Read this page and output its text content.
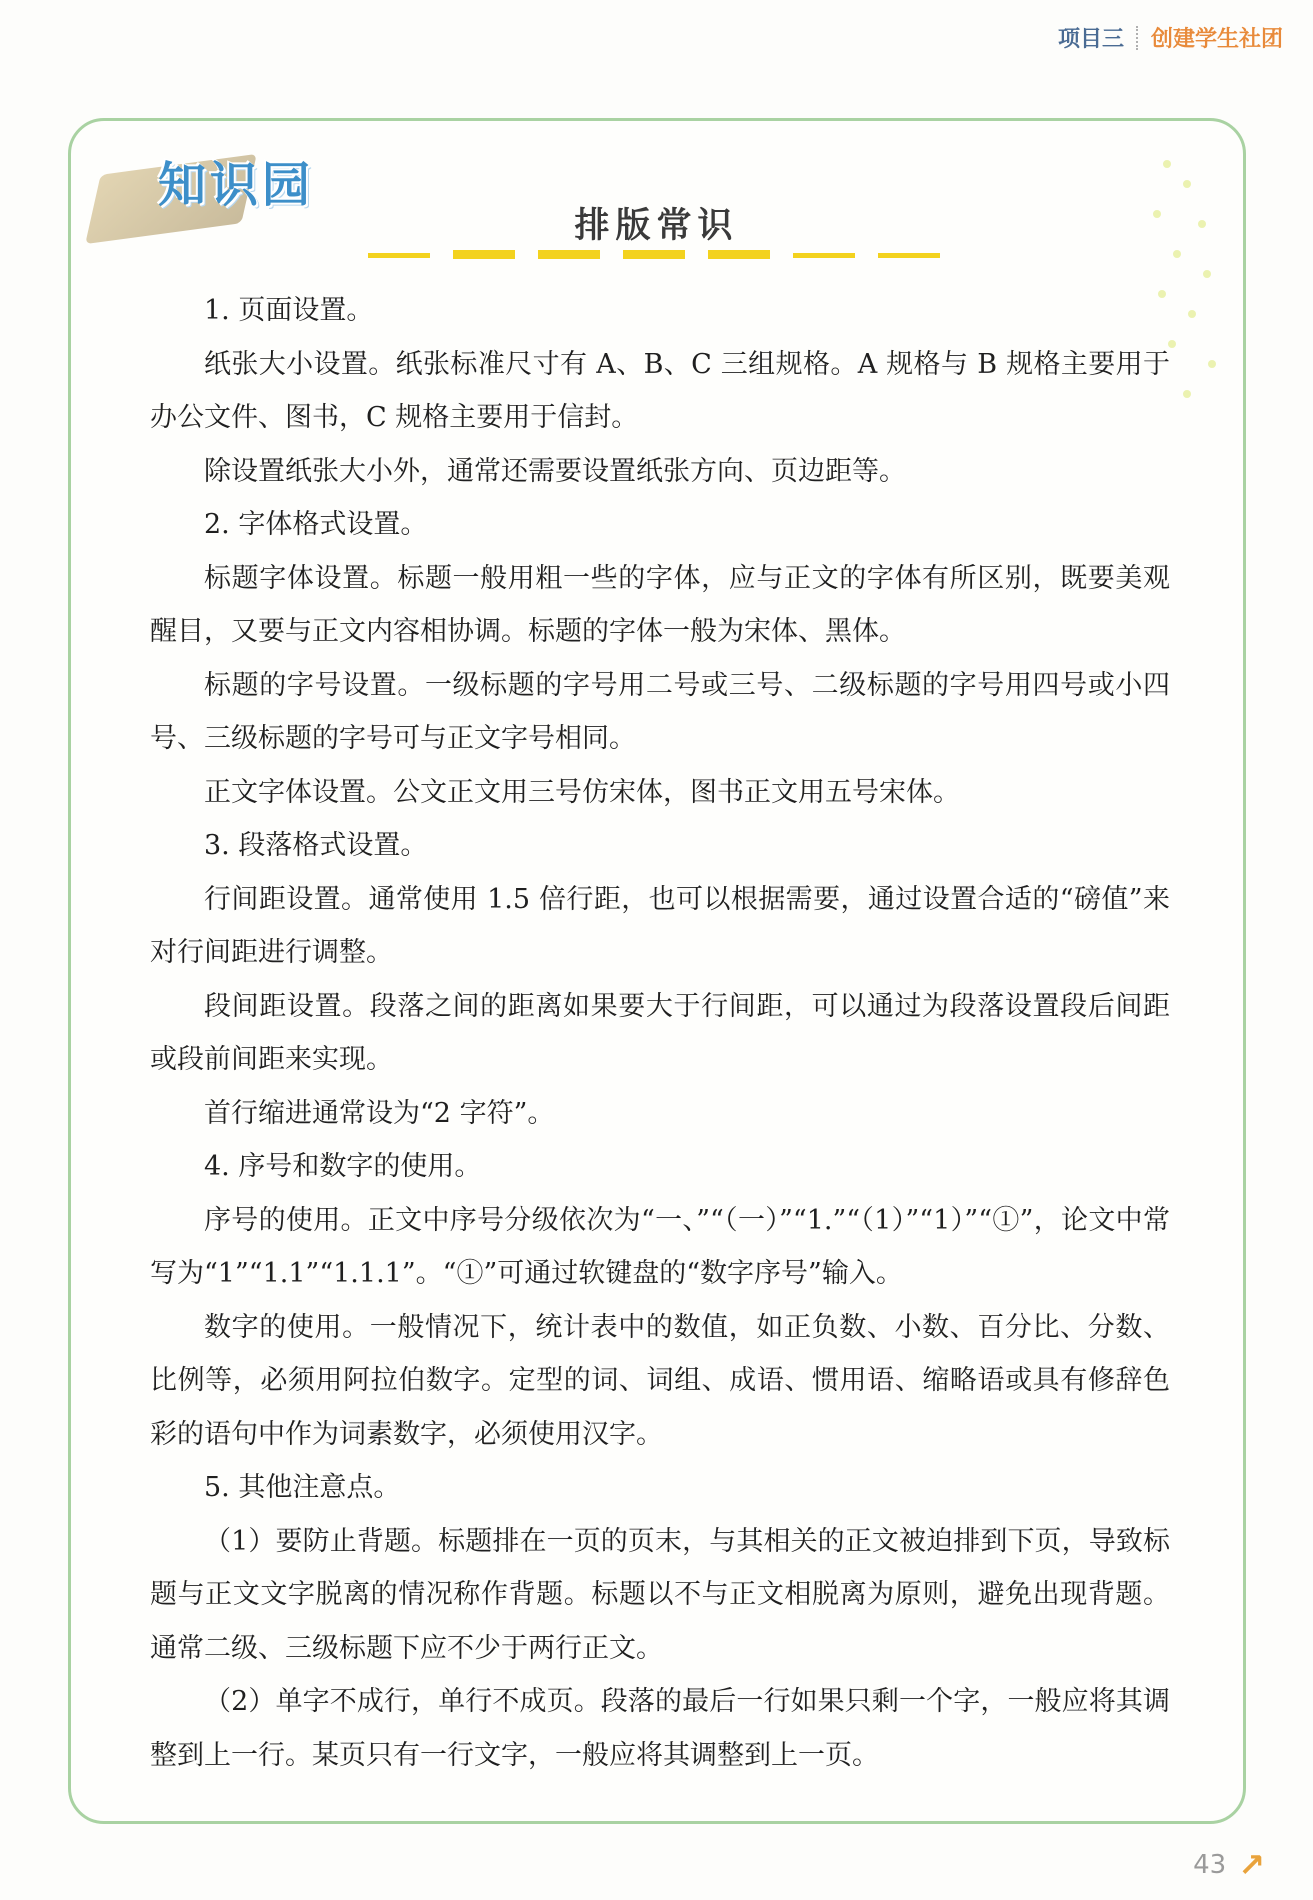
项目三 创建学生社团
知识园
排版常识

1. 页面设置。

纸张大小设置。纸张标准尺寸有 A、B、C 三组规格。A 规格与 B 规格主要用于办公文件、图书，C 规格主要用于信封。

除设置纸张大小外，通常还需要设置纸张方向、页边距等。

2. 字体格式设置。

标题字体设置。标题一般用粗一些的字体，应与正文的字体有所区别，既要美观醒目，又要与正文内容相协调。标题的字体一般为宋体、黑体。

标题的字号设置。一级标题的字号用二号或三号、二级标题的字号用四号或小四号、三级标题的字号可与正文字号相同。

正文字体设置。公文正文用三号仿宋体，图书正文用五号宋体。

3. 段落格式设置。

行间距设置。通常使用 1.5 倍行距，也可以根据需要，通过设置合适的“磅值”来对行间距进行调整。

段间距设置。段落之间的距离如果要大于行间距，可以通过为段落设置段后间距或段前间距来实现。

首行缩进通常设为“2 字符”。

4. 序号和数字的使用。

序号的使用。正文中序号分级依次为“一、”“（一）”“1.”“（1）”“1）”“①”，论文中常写为“1”“1.1”“1.1.1”。“①”可通过软键盘的“数字序号”输入。

数字的使用。一般情况下，统计表中的数值，如正负数、小数、百分比、分数、比例等，必须用阿拉伯数字。定型的词、词组、成语、惯用语、缩略语或具有修辞色彩的语句中作为词素数字，必须使用汉字。

5. 其他注意点。

（1）要防止背题。标题排在一页的页末，与其相关的正文被迫排到下页，导致标题与正文文字脱离的情况称作背题。标题以不与正文相脱离为原则，避免出现背题。通常二级、三级标题下应不少于两行正文。

（2）单字不成行，单行不成页。段落的最后一行如果只剩一个字，一般应将其调整到上一行。某页只有一行文字，一般应将其调整到上一页。

43 ↗
